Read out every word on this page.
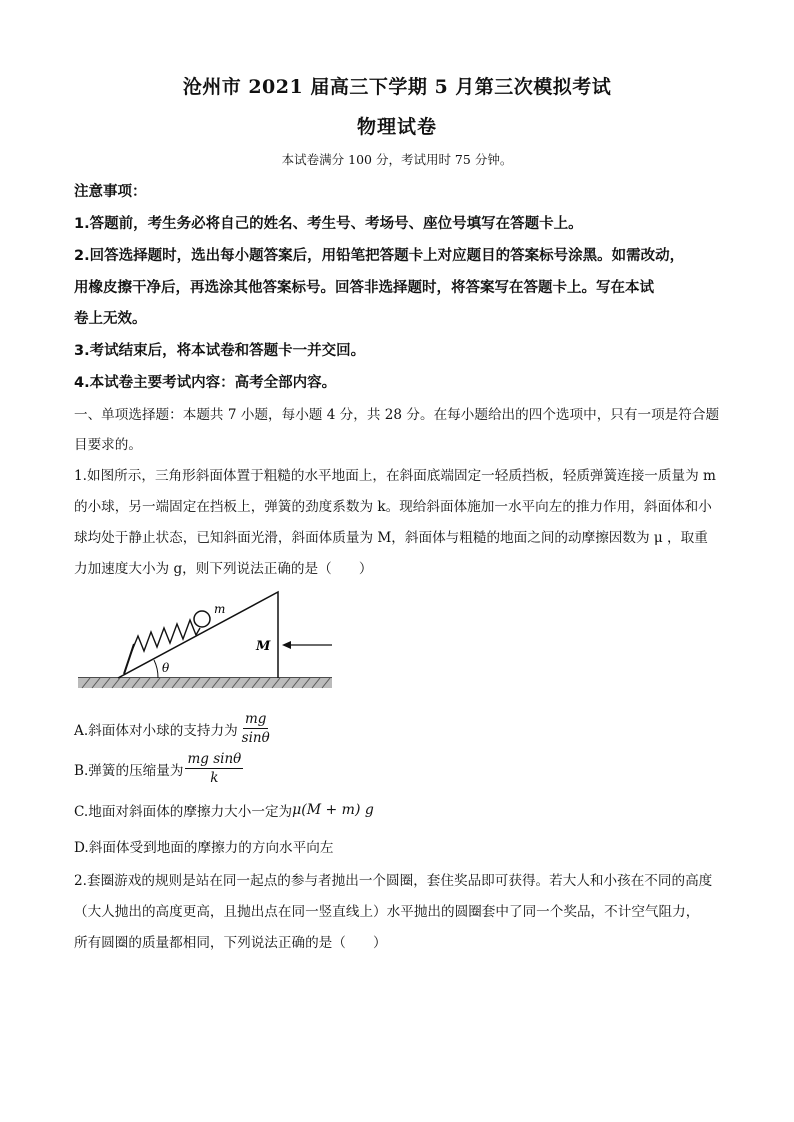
沧州市 2021 届高三下学期 5 月第三次模拟考试
物理试卷
本试卷满分 100 分，考试用时 75 分钟。
注意事项：
1.答题前，考生务必将自己的姓名、考生号、考场号、座位号填写在答题卡上。
2.回答选择题时，选出每小题答案后，用铅笔把答题卡上对应题目的答案标号涂黑。如需改动，
用橡皮擦干净后，再选涂其他答案标号。回答非选择题时，将答案写在答题卡上。写在本试
卷上无效。
3.考试结束后，将本试卷和答题卡一并交回。
4.本试卷主要考试内容：高考全部内容。
一、单项选择题：本题共 7 小题，每小题 4 分，共 28 分。在每小题给出的四个选项中，只有一项是符合题
目要求的。
1.如图所示，三角形斜面体置于粗糙的水平地面上，在斜面底端固定一轻质挡板，轻质弹簧连接一质量为 m
的小球，另一端固定在挡板上，弹簧的劲度系数为 k。现给斜面体施加一水平向左的推力作用，斜面体和小
球均处于静止状态，已知斜面光滑，斜面体质量为 M，斜面体与粗糙的地面之间的动摩擦因数为 μ ，取重
力加速度大小为 g，则下列说法正确的是（　　）
θ
m
M
A.斜面体对小球的支持力为 $\frac{mg}{\sin\theta}$
B.弹簧的压缩量为 $\frac{\text{mg sinθ}}{k}$
C.地面对斜面体的摩擦力大小一定为 μ(M + m) g
D.斜面体受到地面的摩擦力的方向水平向左
2.套圈游戏的规则是站在同一起点的参与者抛出一个圆圈，套住奖品即可获得。若大人和小孩在不同的高度
（大人抛出的高度更高，且抛出点在同一竖直线上）水平抛出的圆圈套中了同一个奖品，不计空气阻力，
所有圆圈的质量都相同，下列说法正确的是（　　）
